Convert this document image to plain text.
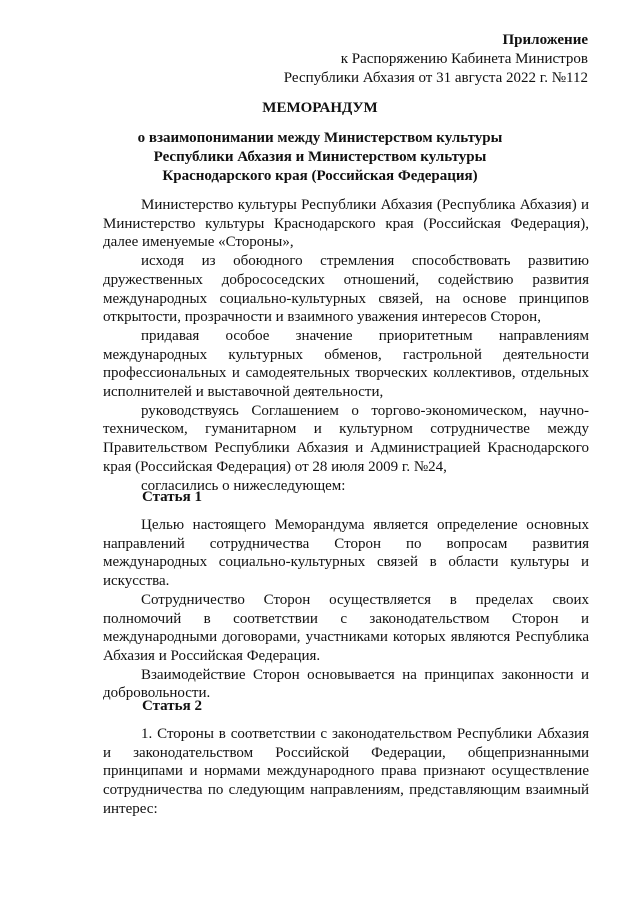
Приложение
к Распоряжению Кабинета Министров
Республики Абхазия от 31 августа 2022 г. №112
МЕМОРАНДУМ
о взаимопонимании между Министерством культуры
Республики Абхазия и Министерством культуры
Краснодарского края (Российская Федерация)

Министерство культуры Республики Абхазия (Республика Абхазия) и Министерство культуры Краснодарского края (Российская Федерация), далее именуемые «Стороны»,

исходя из обоюдного стремления способствовать развитию дружественных добрососедских отношений, содействию развития международных социально-культурных связей, на основе принципов открытости, прозрачности и взаимного уважения интересов Сторон,

придавая особое значение приоритетным направлениям международных культурных обменов, гастрольной деятельности профессиональных и самодеятельных творческих коллективов, отдельных исполнителей и выставочной деятельности,

руководствуясь Соглашением о торгово-экономическом, научно-техническом, гуманитарном и культурном сотрудничестве между Правительством Республики Абхазия и Администрацией Краснодарского края (Российская Федерация) от 28 июля 2009 г. №24,

согласились о нижеследующем:

Статья 1

Целью настоящего Меморандума является определение основных направлений сотрудничества Сторон по вопросам развития международных социально-культурных связей в области культуры и искусства.

Сотрудничество Сторон осуществляется в пределах своих полномочий в соответствии с законодательством Сторон и международными договорами, участниками которых являются Республика Абхазия и Российская Федерация.

Взаимодействие Сторон основывается на принципах законности и добровольности.

Статья 2

1. Стороны в соответствии с законодательством Республики Абхазия и законодательством Российской Федерации, общепризнанными принципами и нормами международного права признают осуществление сотрудничества по следующим направлениям, представляющим взаимный интерес:
